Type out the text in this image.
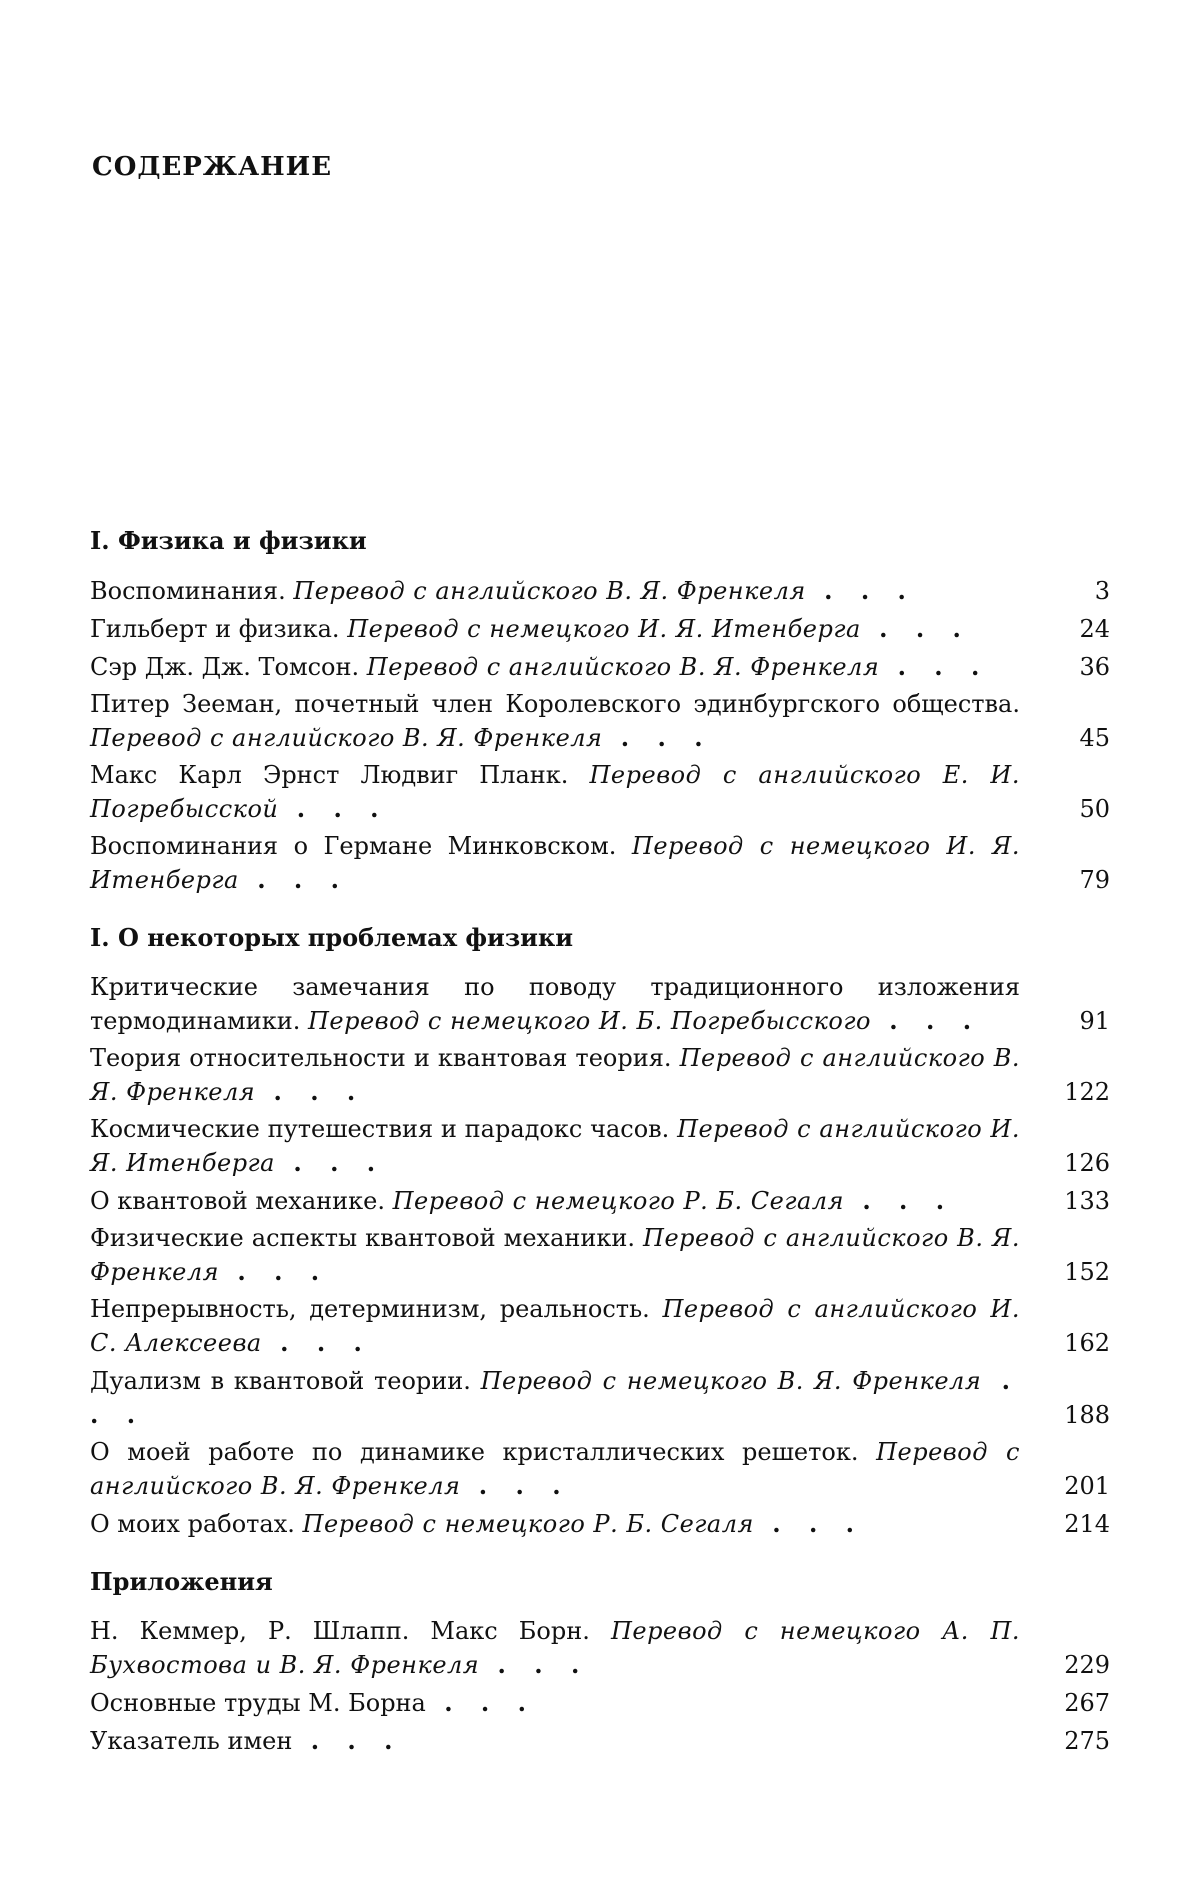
СОДЕРЖАНИЕ
I. Физика и физики
Воспоминания. Перевод с английского В. Я. Френкеля . . .	3
Гильберт и физика. Перевод с немецкого И. Я. Итенберга . . .	24
Сэр Дж. Дж. Томсон. Перевод с английского В. Я. Френкеля . . .	36
Питер Зееман, почетный член Королевского эдинбургского общества. Перевод с английского В. Я. Френкеля . . .	45
Макс Карл Эрнст Людвиг Планк. Перевод с английского Е. И. Погребысской . . .	50
Воспоминания о Германе Минковском. Перевод с немецкого И. Я. Итенберга . . .	79
I. О некоторых проблемах физики
Критические замечания по поводу традиционного изложения термодинамики. Перевод с немецкого И. Б. Погребысского . . .	91
Теория относительности и квантовая теория. Перевод с английского В. Я. Френкеля . . .	122
Космические путешествия и парадокс часов. Перевод с английского И. Я. Итенберга . . .	126
О квантовой механике. Перевод с немецкого Р. Б. Сегаля . . .	133
Физические аспекты квантовой механики. Перевод с английского В. Я. Френкеля . . .	152
Непрерывность, детерминизм, реальность. Перевод с английского И. С. Алексеева . . .	162
Дуализм в квантовой теории. Перевод с немецкого В. Я. Френкеля . . .	188
О моей работе по динамике кристаллических решеток. Перевод с английского В. Я. Френкеля . . .	201
О моих работах. Перевод с немецкого Р. Б. Сегаля . . .	214
Приложения
Н. Кеммер, Р. Шлапп. Макс Борн. Перевод с немецкого А. П. Бухвостова и В. Я. Френкеля . . .	229
Основные труды М. Борна . . .	267
Указатель имен . . .	275
